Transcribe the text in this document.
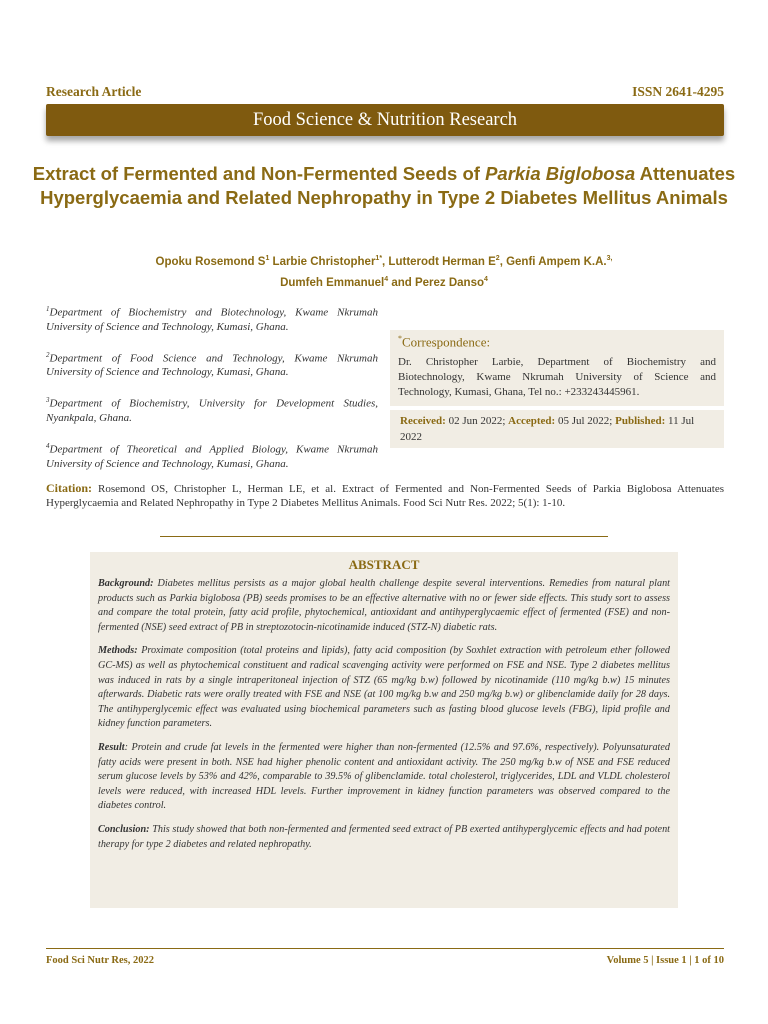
Research Article	ISSN 2641-4295
Food Science & Nutrition Research
Extract of Fermented and Non-Fermented Seeds of Parkia Biglobosa Attenuates Hyperglycaemia and Related Nephropathy in Type 2 Diabetes Mellitus Animals
Opoku Rosemond $S^1$ Larbie Christopher$^{1*}$, Lutterodt Herman $E^2$, Genfi Ampem K.A.$^{3,}$
Dumfeh Emmanuel$^4$ and Perez Danso$^4$

$^1$Department of Biochemistry and Biotechnology, Kwame Nkrumah University of Science and Technology, Kumasi, Ghana.

$^2$Department of Food Science and Technology, Kwame Nkrumah University of Science and Technology, Kumasi, Ghana.

$^3$Department of Biochemistry, University for Development Studies, Nyankpala, Ghana.

$^4$Department of Theoretical and Applied Biology, Kwame Nkrumah University of Science and Technology, Kumasi, Ghana.

*Correspondence:

Dr. Christopher Larbie, Department of Biochemistry and Biotechnology, Kwame Nkrumah University of Science and Technology, Kumasi, Ghana, Tel no.: +233243445961.

Received: 02 Jun 2022; Accepted: 05 Jul 2022; Published: 11 Jul 2022

Citation: Rosemond OS, Christopher L, Herman LE, et al. Extract of Fermented and Non-Fermented Seeds of Parkia Biglobosa Attenuates Hyperglycaemia and Related Nephropathy in Type 2 Diabetes Mellitus Animals. Food Sci Nutr Res. 2022; 5(1): 1-10.

ABSTRACT

Background: Diabetes mellitus persists as a major global health challenge despite several interventions. Remedies from natural plant products such as Parkia biglobosa (PB) seeds promises to be an effective alternative with no or fewer side effects. This study sort to assess and compare the total protein, fatty acid profile, phytochemical, antioxidant and antihyperglycaemic effect of fermented (FSE) and non-fermented (NSE) seed extract of PB in streptozotocin-nicotinamide induced (STZ-N) diabetic rats.

Methods: Proximate composition (total proteins and lipids), fatty acid composition (by Soxhlet extraction with petroleum ether followed GC-MS) as well as phytochemical constituent and radical scavenging activity were performed on FSE and NSE. Type 2 diabetes mellitus was induced in rats by a single intraperitoneal injection of STZ (65 mg/kg b.w) followed by nicotinamide (110 mg/kg b.w) 15 minutes afterwards. Diabetic rats were orally treated with FSE and NSE (at 100 mg/kg b.w and 250 mg/kg b.w) or glibenclamide daily for 28 days. The antihyperglycemic effect was evaluated using biochemical parameters such as fasting blood glucose levels (FBG), lipid profile and kidney function parameters.

Result: Protein and crude fat levels in the fermented were higher than non-fermented (12.5% and 97.6%, respectively). Polyunsaturated fatty acids were present in both. NSE had higher phenolic content and antioxidant activity. The 250 mg/kg b.w of NSE and FSE reduced serum glucose levels by 53% and 42%, comparable to 39.5% of glibenclamide. total cholesterol, triglycerides, LDL and VLDL cholesterol levels were reduced, with increased HDL levels. Further improvement in kidney function parameters was observed compared to the diabetes control.

Conclusion: This study showed that both non-fermented and fermented seed extract of PB exerted antihyperglycemic effects and had potent therapy for type 2 diabetes and related nephropathy.

Food Sci Nutr Res, 2022	Volume 5 | Issue 1 | 1 of 10
